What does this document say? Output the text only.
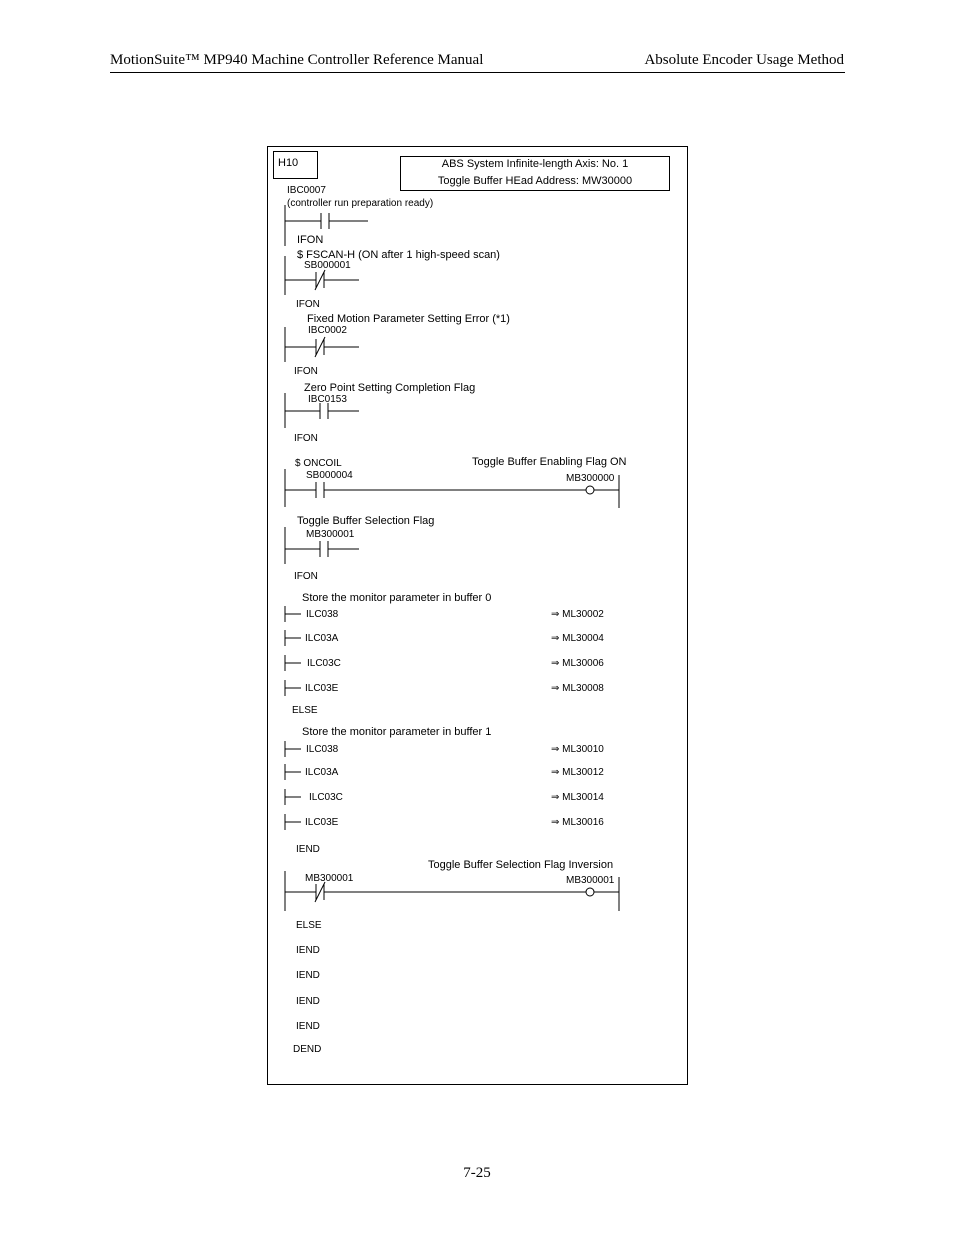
MotionSuite™ MP940 Machine Controller Reference Manual	Absolute Encoder Usage Method
H10	ABS System Infinite-length Axis: No. 1
Toggle Buffer HEad Address: MW30000
IBC0007
(controller run preparation ready)
IFON
$ FSCAN-H (ON after 1 high-speed scan)
SB000001
IFON
Fixed Motion Parameter Setting Error (*1)
IBC0002
IFON
Zero Point Setting Completion Flag
IBC0153
IFON
$ ONCOIL
SB000004
Toggle Buffer Enabling Flag ON
MB300000
Toggle Buffer Selection Flag
MB300001
IFON
Store the monitor parameter in buffer 0
ILC038	⇒ ML30002
ILC03A	⇒ ML30004
ILC03C	⇒ ML30006
ILC03E	⇒ ML30008
ELSE
Store the monitor parameter in buffer 1
ILC038	⇒ ML30010
ILC03A	⇒ ML30012
ILC03C	⇒ ML30014
ILC03E	⇒ ML30016
IEND
Toggle Buffer Selection Flag Inversion
MB300001	MB300001
ELSE
IEND
IEND
IEND
IEND
DEND
7-25
